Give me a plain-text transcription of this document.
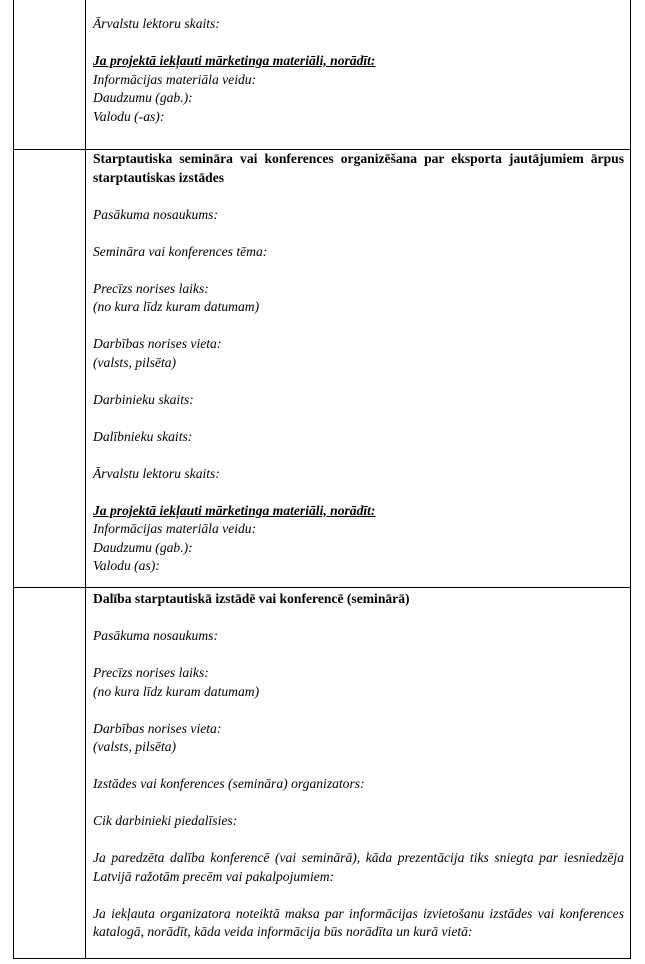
Ārvalstu lektoru skaits:

Ja projektā iekļauti mārketinga materiāli, norādīt:

Informācijas materiāla veidu:

Daudzumu (gab.):

Valodu (-as):

Starptautiska semināra vai konferences organizēšana par eksporta jautājumiem ārpus starptautiskas izstādes

Pasākuma nosaukums:

Semināra vai konferences tēma:

Precīzs norises laiks:

(no kura līdz kuram datumam)

Darbības norises vieta:

(valsts, pilsēta)

Darbinieku skaits:

Dalībnieku skaits:

Ārvalstu lektoru skaits:

Ja projektā iekļauti mārketinga materiāli, norādīt:

Informācijas materiāla veidu:

Daudzumu (gab.):

Valodu (as):

Dalība starptautiskā izstādē vai konferencē (seminārā)

Pasākuma nosaukums:

Precīzs norises laiks:

(no kura līdz kuram datumam)

Darbības norises vieta:

(valsts, pilsēta)

Izstādes vai konferences (semināra) organizators:

Cik darbinieki piedalīsies:

Ja paredzēta dalība konferencē (vai seminārā), kāda prezentācija tiks sniegta par iesniedzēja Latvijā ražotām precēm vai pakalpojumiem:

Ja iekļauta organizatora noteiktā maksa par informācijas izvietošanu izstādes vai konferences katalogā, norādīt, kāda veida informācija būs norādīta un kurā vietā:
